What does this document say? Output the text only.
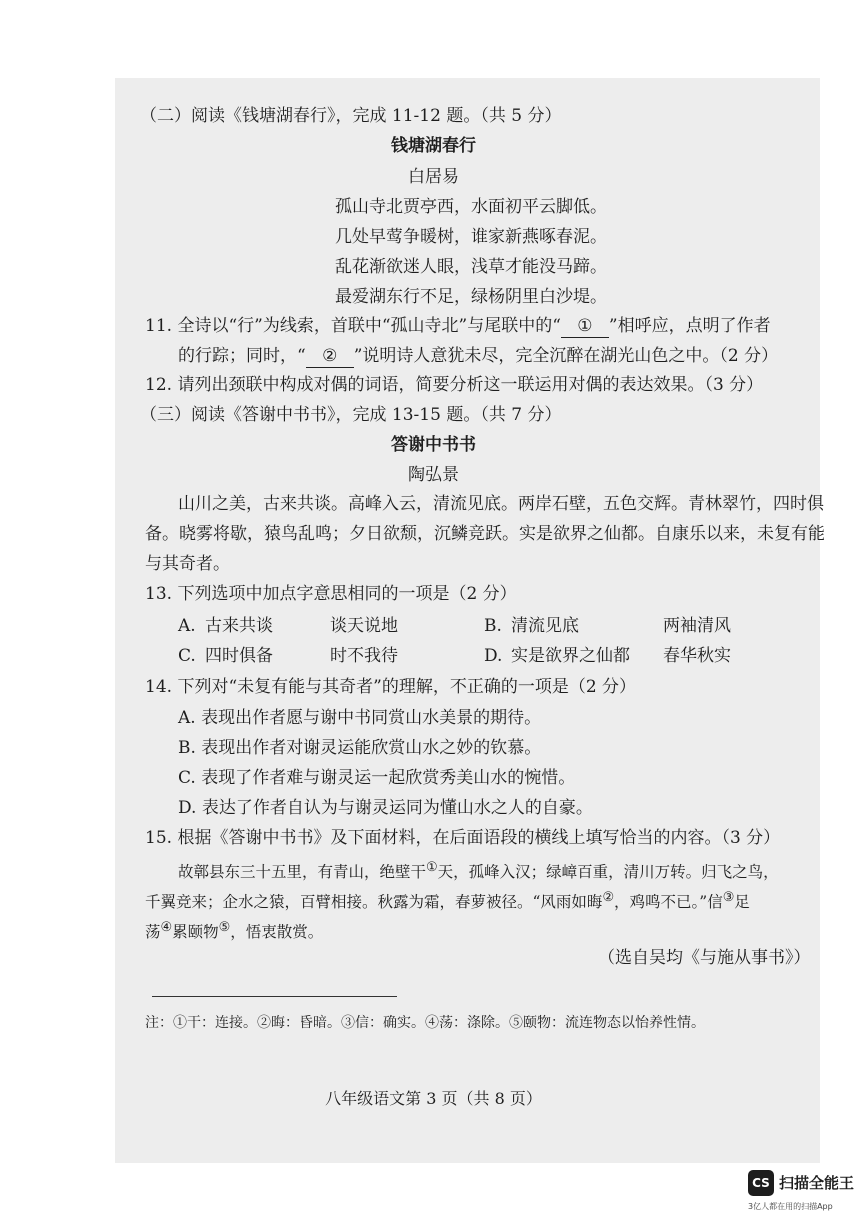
（二）阅读《钱塘湖春行》，完成 11-12 题。（共 5 分）
钱塘湖春行
白居易
孤山寺北贾亭西，水面初平云脚低。
几处早莺争暖树，谁家新燕啄春泥。
乱花渐欲迷人眼，浅草才能没马蹄。
最爱湖东行不足，绿杨阴里白沙堤。
11. 全诗以“行”为线索，首联中“孤山寺北”与尾联中的“ ① ”相呼应，点明了作者
的行踪；同时，“ ② ”说明诗人意犹未尽，完全沉醉在湖光山色之中。（2 分）
12. 请列出颈联中构成对偶的词语，简要分析这一联运用对偶的表达效果。（3 分）
（三）阅读《答谢中书书》，完成 13-15 题。（共 7 分）
答谢中书书
陶弘景
山川之美，古来共谈。高峰入云，清流见底。两岸石壁，五色交辉。青林翠竹，四时俱
备。晓雾将歇，猿鸟乱鸣；夕日欲颓，沉鳞竞跃。实是欲界之仙都。自康乐以来，未复有能
与其奇者。
13. 下列选项中加点字意思相同的一项是（2 分）
A. 古来共谈	谈天说地	B. 清流见底	两袖清风
C. 四时俱备	时不我待	D. 实是欲界之仙都 春华秋实
14. 下列对“未复有能与其奇者”的理解，不正确的一项是（2 分）
A. 表现出作者愿与谢中书同赏山水美景的期待。
B. 表现出作者对谢灵运能欣赏山水之妙的钦慕。
C. 表现了作者难与谢灵运一起欣赏秀美山水的惋惜。
D. 表达了作者自认为与谢灵运同为懂山水之人的自豪。
15. 根据《答谢中书书》及下面材料，在后面语段的横线上填写恰当的内容。（3 分）
故鄣县东三十五里，有青山，绝壁干①天，孤峰入汉；绿嶂百重，清川万转。归飞之鸟，
千翼竞来；企水之猿，百臂相接。秋露为霜，春萝被径。“风雨如晦②，鸡鸣不已。”信③足
荡④累颐物⑤，悟衷散赏。
（选自吴均《与施从事书》）
注：①干：连接。②晦：昏暗。③信：确实。④荡：涤除。⑤颐物：流连物态以怡养性情。
八年级语文第 3 页（共 8 页）
CS 扫描全能王
3亿人都在用的扫描App
